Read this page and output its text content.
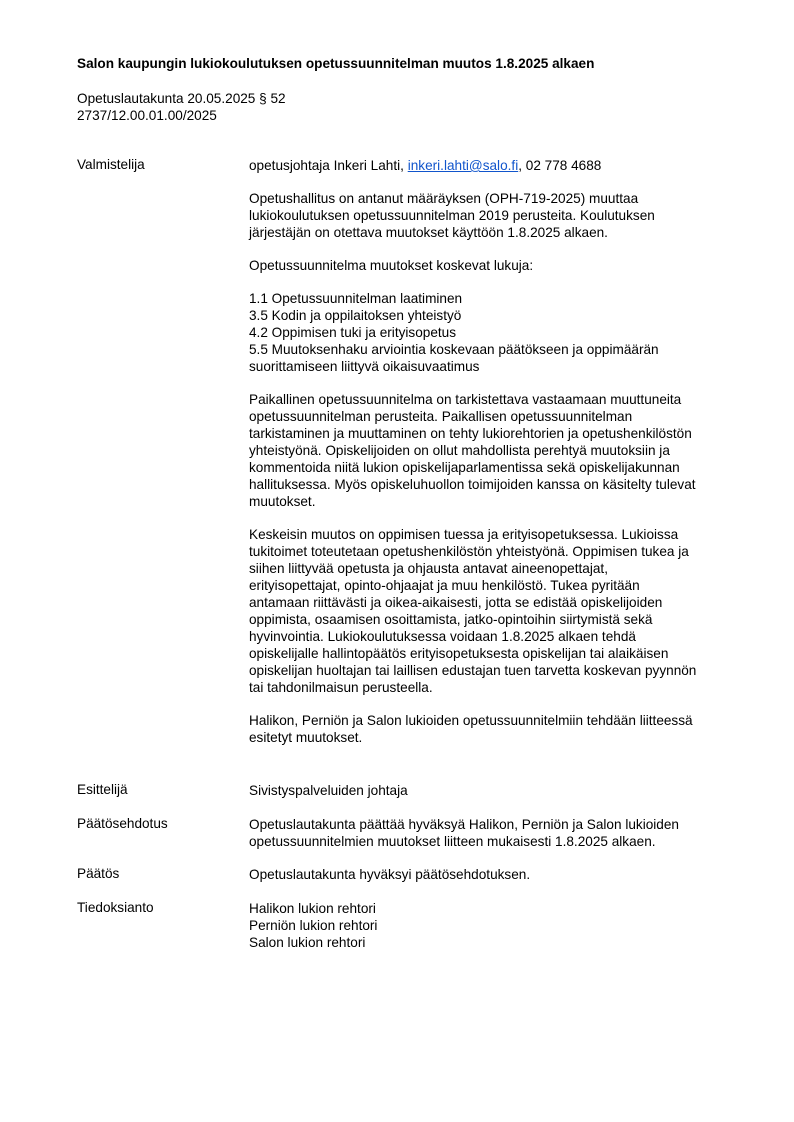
Salon kaupungin lukiokoulutuksen opetussuunnitelman muutos 1.8.2025 alkaen
Opetuslautakunta 20.05.2025 § 52
2737/12.00.01.00/2025
Valmistelija	opetusjohtaja Inkeri Lahti, inkeri.lahti@salo.fi, 02 778 4688

Opetushallitus on antanut määräyksen (OPH-719-2025) muuttaa
lukiokoulutuksen opetussuunnitelman 2019 perusteita. Koulutuksen
järjestäjän on otettava muutokset käyttöön 1.8.2025 alkaen.

Opetussuunnitelma muutokset koskevat lukuja:

1.1 Opetussuunnitelman laatiminen
3.5 Kodin ja oppilaitoksen yhteistyö
4.2 Oppimisen tuki ja erityisopetus
5.5 Muutoksenhaku arviointia koskevaan päätökseen ja oppimäärän
suorittamiseen liittyvä oikaisuvaatimus

Paikallinen opetussuunnitelma on tarkistettava vastaamaan muuttuneita
opetussuunnitelman perusteita. Paikallisen opetussuunnitelman
tarkistaminen ja muuttaminen on tehty lukiorehtorien ja opetushenkilöstön
yhteistyönä. Opiskelijoiden on ollut mahdollista perehtyä muutoksiin ja
kommentoida niitä lukion opiskelijaparlamentissa sekä opiskelijakunnan
hallituksessa. Myös opiskeluhuollon toimijoiden kanssa on käsitelty tulevat
muutokset.

Keskeisin muutos on oppimisen tuessa ja erityisopetuksessa. Lukioissa
tukitoimet toteutetaan opetushenkilöstön yhteistyönä. Oppimisen tukea ja
siihen liittyvää opetusta ja ohjausta antavat aineenopettajat,
erityisopettajat, opinto-ohjaajat ja muu henkilöstö. Tukea pyritään
antamaan riittävästi ja oikea-aikaisesti, jotta se edistää opiskelijoiden
oppimista, osaamisen osoittamista, jatko-opintoihin siirtymistä sekä
hyvinvointia. Lukiokoulutuksessa voidaan 1.8.2025 alkaen tehdä
opiskelijalle hallintopäätös erityisopetuksesta opiskelijan tai alaikäisen
opiskelijan huoltajan tai laillisen edustajan tuen tarvetta koskevan pyynnön
tai tahdonilmaisun perusteella.

Halikon, Perniön ja Salon lukioiden opetussuunnitelmiin tehdään liitteessä
esitetyt muutokset.

Esittelijä	Sivistyspalveluiden johtaja
Päätösehdotus	Opetuslautakunta päättää hyväksyä Halikon, Perniön ja Salon lukioiden
opetussuunnitelmien muutokset liitteen mukaisesti 1.8.2025 alkaen.
Päätös	Opetuslautakunta hyväksyi päätösehdotuksen.
Tiedoksianto	Halikon lukion rehtori
Perniön lukion rehtori
Salon lukion rehtori
